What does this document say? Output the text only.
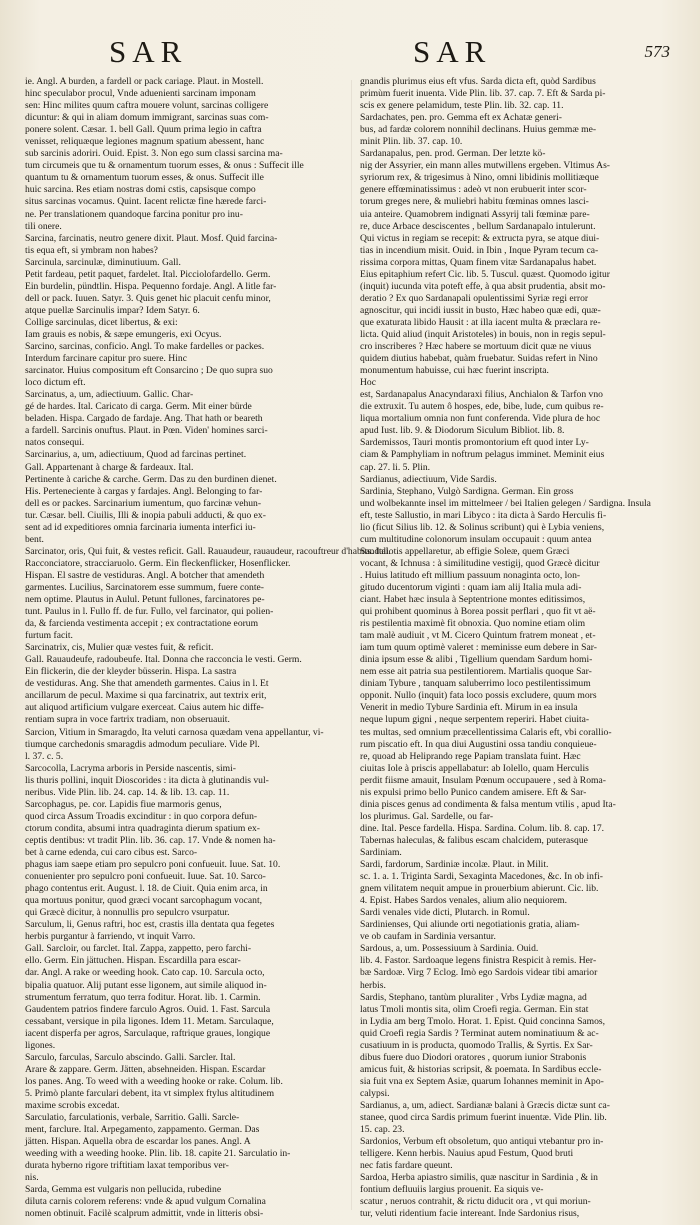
SAR	SAR	573
ie. Angl. A burden, a fardell or pack cariage. Plaut. in Mostell.
hinc speculabor procul, Vnde aduenienti sarcinam imponam
sen: Hinc milites quum caftra mouere volunt, sarcinas colligere
dicuntur: & qui in aliam domum immigrant, sarcinas suas com-
ponere solent. Cæsar. 1. bell Gall. Quum prima legio in caftra
venisset, reliquæque legiones magnum spatium abessent, hanc
sub sarcinis adoriri. Ouid. Epist. 3. Non ego sum classi sarcina ma-
tum circumeis que tu & ornamentum tuorum esses, & onus : Suffecit ille
quantum tu & ornamentum tuorum esses, & onus. Suffecit ille
huic sarcina. Res etiam nostras domi cstis, capsisque compo
situs sarcinas vocamus. Quint. Iacent relictæ fine hærede farci-
ne. Per translationem quandoque farcina ponitur pro inu-
tili onere.
Sarcina, farcinatis, neutro genere dixit. Plaut. Mosf. Quid farcina-
tis equa eft, si ymbram non habes?
Sarcinula, sarcinulæ, diminutiuum. Gall.
Petit fardeau, petit paquet, fardelet. Ital. Picciolofardello. Germ.
Ein burdelin, pündtlin. Hispa. Pequenno fordaje. Angl. A litle far-
dell or pack. Iuuen. Satyr. 3. Quis genet hic placuit cenfu minor,
atque puellæ Sarcinulis impar? Idem Satyr. 6.
Collige sarcinulas, dicet libertus, & exi:
Iam grauis es nobis, & sæpe emungeris, exi Ocyus.
Sarcino, sarcinas, conficio. Angl. To make fardelles or packes.
Interdum farcinare capitur pro suere. Hinc
sarcinator. Huius compositum eft Consarcino ; De quo supra suo
loco dictum eft.
Sarcinatus, a, um, adiectiuum. Gallic. Char-
gé de hardes. Ital. Caricato di carga. Germ. Mit einer bürde
beladen. Hispa. Cargado de fardaje. Ang. That hath or beareth
a fardell. Sarcinis onuftus. Plaut. in Pœn. Viden' homines sarci-
natos consequi.
Sarcinarius, a, um, adiectiuum, Quod ad farcinas pertinet.
Gall. Appartenant à charge & fardeaux. Ital.
Pertinente à cariche & carche. Germ. Das zu den burdinen dienet.
His. Perteneciente à cargas y fardajes. Angl. Belonging to far-
dell es or packes. Sarcinarium iumentum, quo farcinæ vehun-
tur. Cæsar. bell. Ciuilis, Illi & inopia pabuli adducti, & quo ex-
sent ad id expeditiores omnia farcinaria iumenta interfici iu-
bent.
Sarcinator, oris, Qui fuit, & vestes reficit. Gall. Rauaudeur, rauaudeur, racouftreur d'habits. Ital.
Racconciatore, stracciaruolo. Germ. Ein fleckenflicker, Hosenflicker.
Hispan. El sastre de vestiduras. Angl. A botcher that amendeth
garmentes. Lucilius, Sarcinatorem esse summum, fuere conte-
nem optime. Plautus in Aulul. Petunt fullones, farcinatores pe-
tunt. Paulus in l. Fullo ff. de fur. Fullo, vel farcinator, qui polien-
da, & farcienda vestimenta accepit ; ex contractatione eorum
furtum facit.
Sarcinatrix, cis, Mulier quæ vestes fuit, & reficit.
Gall. Rauaudeufe, radoubeufe. Ital. Donna che racconcia le vesti. Germ.
Ein flickerin, die der kleyder büsserin. Hispa. La sastra
de vestiduras. Ang. She that amendeth garmentes. Caius in l. Et
ancillarum de pecul. Maxime si qua farcinatrix, aut textrix erit,
aut aliquod artificium vulgare exerceat. Caius autem hic diffe-
rentiam supra in voce fartrix tradiam, non obseruauit.
Sarcion, Vitium in Smaragdo, Ita veluti carnosa quædam vena appellantur, vi-
tiumque carchedonis smaragdis admodum peculiare. Vide Pl.
l. 37. c. 5.
Sarcocolla, Lacryma arboris in Perside nascentis, simi-
lis thuris pollini, inquit Dioscorides : ita dicta à glutinandis vul-
neribus. Vide Plin. lib. 24. cap. 14. & lib. 13. cap. 11.
Sarcophagus, pe. cor. Lapidis fiue marmoris genus,
quod circa Assum Troadis excinditur : in quo corpora defun-
ctorum condita, absumi intra quadraginta dierum spatium ex-
ceptis dentibus: vt tradit Plin. lib. 36. cap. 17. Vnde & nomen ha-
bet à carne edenda, cui caro cibus est. Sarco-
phagus iam saepe etiam pro sepulcro poni confueuit. Iuue. Sat. 10.
conuenienter pro sepulcro poni confueuit. Iuue. Sat. 10. Sarco-
phago contentus erit. August. l. 18. de Ciuit. Quia enim arca, in
qua mortuus ponitur, quod græci vocant sarcophagum vocant,
qui Græcè dicitur, à nonnullis pro sepulcro vsurpatur.
Sarculum, li, Genus raftri, hoc est, crastis illa dentata qua fegetes
herbis purgantur à farriendo, vt inquit Varro.
Gall. Sarcloir, ou farclet. Ital. Zappa, zappetto, pero farchi-
ello. Germ. Ein jättuchen. Hispan. Escardilla para escar-
dar. Angl. A rake or weeding hook. Cato cap. 10. Sarcula octo,
bipalia quatuor. Alij putant esse ligonem, aut simile aliquod in-
strumentum ferratum, quo terra foditur. Horat. lib. 1. Carmin.
Gaudentem patrios findere farculo Agros. Ouid. 1. Fast. Sarcula
cessabant, versique in pila ligones. Idem 11. Metam. Sarculaque,
iacent disperfa per agros, Sarculaque, raftrique graues, longique
ligones.
Sarculo, farculas, Sarculo abscindo. Galli. Sarcler. Ital.
Arare & zappare. Germ. Jätten, absehneiden. Hispan. Escardar
los panes. Ang. To weed with a weeding hooke or rake. Colum. lib.
5. Primò plante farculari debent, ita vt simplex ftylus altitudinem
maxime scrobis excedat.
Sarculatio, farculationis, verbale, Sarritio. Galli. Sarcle-
ment, farclure. Ital. Arpegamento, zappamento. German. Das
jätten. Hispan. Aquella obra de escardar los panes. Angl. A
weeding with a weeding hooke. Plin. lib. 18. capite 21. Sarculatio in-
durata hyberno rigore triftitiam laxat temporibus ver-
nis.
Sarda, Gemma est vulgaris non pellucida, rubedine
diluta carnis colorem referens: vnde & apud vulgum Cornalina
nomen obtinuit. Facilè scalprum admittit, vnde in litteris obsi-
gnandis plurimus eius eft vfus. Sarda dicta eft, quòd Sardibus
primùm fuerit inuenta. Vide Plin. lib. 37. cap. 7. Eft & Sarda pi-
scis ex genere pelamidum, teste Plin. lib. 32. cap. 11.
Sardachates, pen. pro. Gemma eft ex Achatæ generi-
bus, ad fardæ colorem nonnihil declinans. Huius gemmæ me-
minit Plin. lib. 37. cap. 10.
Sardanapalus, pen. prod. German. Der letzte kö-
nig der Assyrier, ein mann alles mutwillens ergeben. Vltimus As-
syriorum rex, & trigesimus à Nino, omni libidinis mollitiæque
genere effœminatissimus : adeò vt non erubuerit inter scor-
torum greges nere, & muliebri habitu fœminas omnes lasci-
uia anteire. Quamobrem indignati Assyrij tali fœminæ pare-
re, duce Arbace desciscentes , bellum Sardanapalo intulerunt.
Qui victus in regiam se recepit: & extructa pyra, se atque diui-
tias in incendium misit. Ouid. in Ibin , Inque Pyram tecum ca-
rissima corpora mittas, Quam finem vitæ Sardanapalus habet.
Eius epitaphium refert Cic. lib. 5. Tuscul. quæst. Quomodo igitur
(inquit) iucunda vita poteft effe, à qua absit prudentia, absit mo-
deratio ? Ex quo Sardanapali opulentissimi Syriæ regi error
agnoscitur, qui incidi iussit in busto, Hæc habeo quæ edi, quæ-
que exaturata libido Hausit : at illa iacent multa & præclara re-
licta. Quid aliud (inquit Aristoteles) in bouis, non in regis sepul-
cro inscriberes ? Hæc habere se mortuum dicit quæ ne viuus
quidem diutius habebat, quàm fruebatur. Suidas refert in Nino
monumentum habuisse, cui hæc fuerint inscripta.
Hoc
est, Sardanapalus Anacyndaraxi filius, Anchialon & Tarfon vno
die extruxit. Tu autem ô hospes, ede, bibe, lude, cum quibus re-
liqua mortalium omnia non funt conferenda. Vide plura de hoc
apud Iust. lib. 9. & Diodorum Siculum Bibliot. lib. 8.
Sardemissos, Tauri montis promontorium eft quod inter Ly-
ciam & Pamphyliam in noftrum pelagus imminet. Meminit eius
cap. 27. li. 5. Plin.
Sardianus, adiectiuum, Vide Sardis.
Sardinia, Stephano, Vulgò Sardigna. German. Ein gross
und wolbekannte insel im mittelmeer / bei Italien gelegen / Sardigna. Insula
eft, teste Sallustio, in mari Libyco : ita dicta à Sardo Herculis fi-
lio (ficut Silius lib. 12. & Solinus scribunt) qui è Lybia veniens,
cum multitudine colonorum insulam occupauit : quum antea
Sandaliotis appellaretur, ab effigie Soleæ, quem Græci
vocant, & Ichnusa : à similitudine vestigij, quod Græcè dicitur
. Huius latitudo eft millium passuum nonaginta octo, lon-
gitudo ducentorum viginti : quam iam alij Italia mula adi-
ciant. Habet hæc insula à Septentrione montes editissimos,
qui prohibent quominus à Borea possit perflari , quo fit vt aë-
ris pestilentia maximè fit obnoxia. Quo nomine etiam olim
tam malè audiuit , vt M. Cicero Quintum fratrem moneat , et-
iam tum quum optimè valeret : meminisse eum debere in Sar-
dinia ipsum esse & alibi , Tigellium quendam Sardum homi-
nem esse ait patria sua pestilentiorem. Martialis quoque Sar-
diniam Tybure , tanquam saluberrimo loco pestilentissimum
opponit. Nullo (inquit) fata loco possis excludere, quum mors
Venerit in medio Tybure Sardinia eft. Mirum in ea insula
neque lupum gigni , neque serpentem reperiri. Habet ciuita-
tes multas, sed omnium præcellentissima Calaris eft, vbi corallio-
rum piscatio eft. In qua diui Augustini ossa tandiu conquieue-
re, quoad ab Heliprando rege Papiam translata fuint. Hæc
ciuitas Iole à priscis appellabatur: ab Iolello, quam Herculis
perdit fiisme amauit, Insulam Pœnum occupauere , sed à Roma-
nis expulsi primo bello Punico candem amisere. Eft & Sar-
dinia pisces genus ad condimenta & falsa mentum vtilis , apud Ita-
los plurimus. Gal. Sardelle, ou far-
dine. Ital. Pesce fardella. Hispa. Sardina. Colum. lib. 8. cap. 17.
Tabernas haleculas, & falibus escam chalcidem, puterasque
Sardiniam.
Sardi, fardorum, Sardiniæ incolæ. Plaut. in Milit.
sc. 1. a. 1. Triginta Sardi, Sexaginta Macedones, &c. In ob infi-
gnem vilitatem nequit ampue in prouerbium abierunt. Cic. lib.
4. Epist. Habes Sardos venales, alium alio nequiorem.
Sardi venales vide dicti, Plutarch. in Romul.
Sardinienses, Qui aliunde orti negotiationis gratia, aliam-
ve ob caufam in Sardinia versantur.
Sardous, a, um. Possessiuum à Sardinia. Ouid.
lib. 4. Fastor. Sardoaque legens finistra Respicit à remis. Her-
bæ Sardoæ. Virg 7 Eclog. Imò ego Sardois videar tibi amarior
herbis.
Sardis, Stephano, tantùm pluraliter , Vrbs Lydiæ magna, ad
latus Tmoli montis sita, olim Croefi regia. German. Ein stat
in Lydia am berg Tmolo. Horat. 1. Epist. Quid concinna Samos,
quid Croefi regia Sardis ? Terminat autem nominatiuum & ac-
cusatiuum in is producta, quomodo Trallis, & Syrtis. Ex Sar-
dibus fuere duo Diodori oratores , quorum iunior Strabonis
amicus fuit, & historias scripsit, & poemata. In Sardibus eccle-
sia fuit vna ex Septem Asiæ, quarum Iohannes meminit in Apo-
calypsi.
Sardianus, a, um, adiect. Sardianæ balani à Græcis dictæ sunt ca-
stanee, quod circa Sardis primum fuerint inuentæ. Vide Plin. lib.
15. cap. 23.
Sardonios, Verbum eft obsoletum, quo antiqui vtebantur pro in-
telligere. Kenn herbis. Nauius apud Festum, Quod bruti
nec fatis fardare queunt.
Sardoa, Herba apiastro similis, quæ nascitur in Sardinia , & in
fontium defluuiis largius prouenit. Ea siquis ve-
scatur , neruos contrahit, & rictu diducit ora , vt qui moriun-
tur, veluti ridentium facie intereant. Inde Sardonius risus,
